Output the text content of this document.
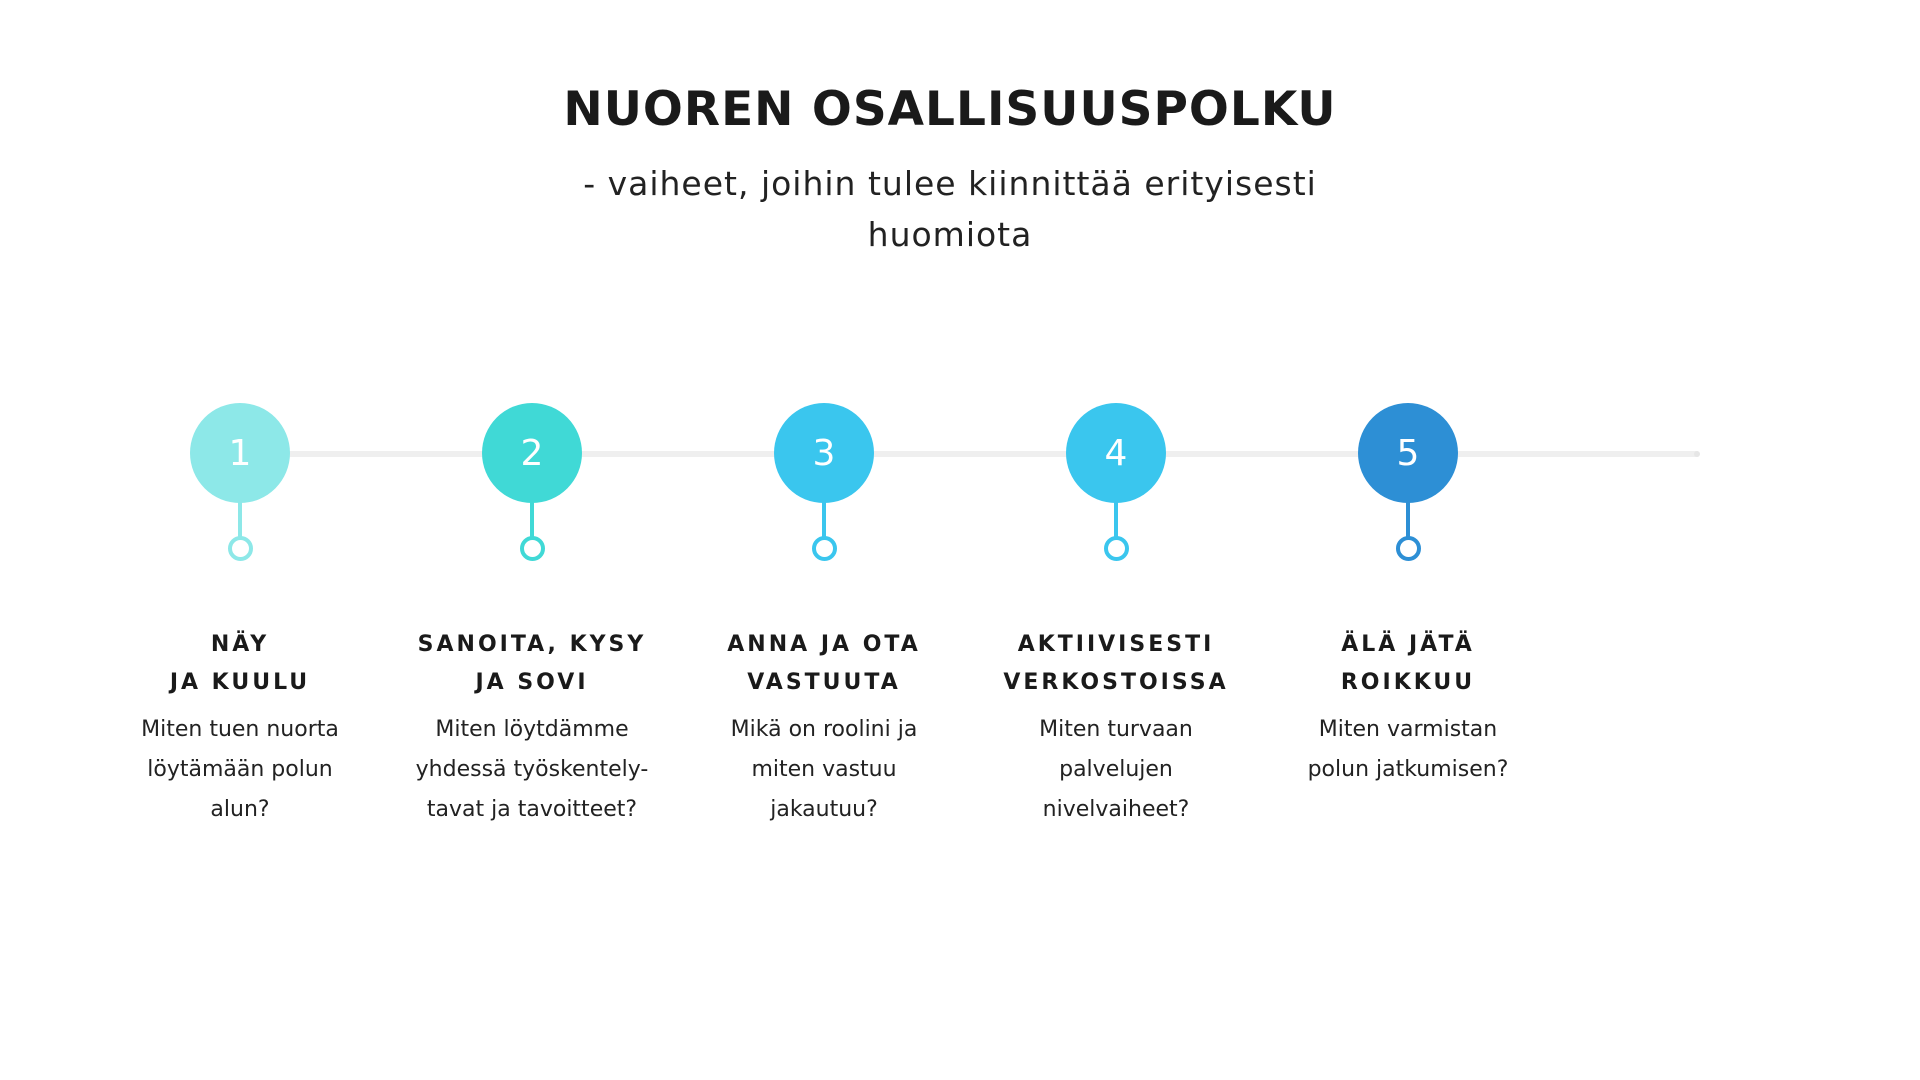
NUOREN OSALLISUUSPOLKU
- vaiheet, joihin tulee kiinnittää erityisesti
huomiota
1
NÄY
JA KUULU
Miten tuen nuorta
löytämään polun
alun?
2
SANOITA, KYSY
JA SOVI
Miten löytdämme
yhdessä työskentely-
tavat ja tavoitteet?
3
ANNA JA OTA
VASTUUTA
Mikä on roolini ja
miten vastuu
jakautuu?
4
AKTIIVISESTI
VERKOSTOISSA
Miten turvaan
palvelujen
nivelvaiheet?
5
ÄLÄ JÄTÄ
ROIKKUU
Miten varmistan
polun jatkumisen?
